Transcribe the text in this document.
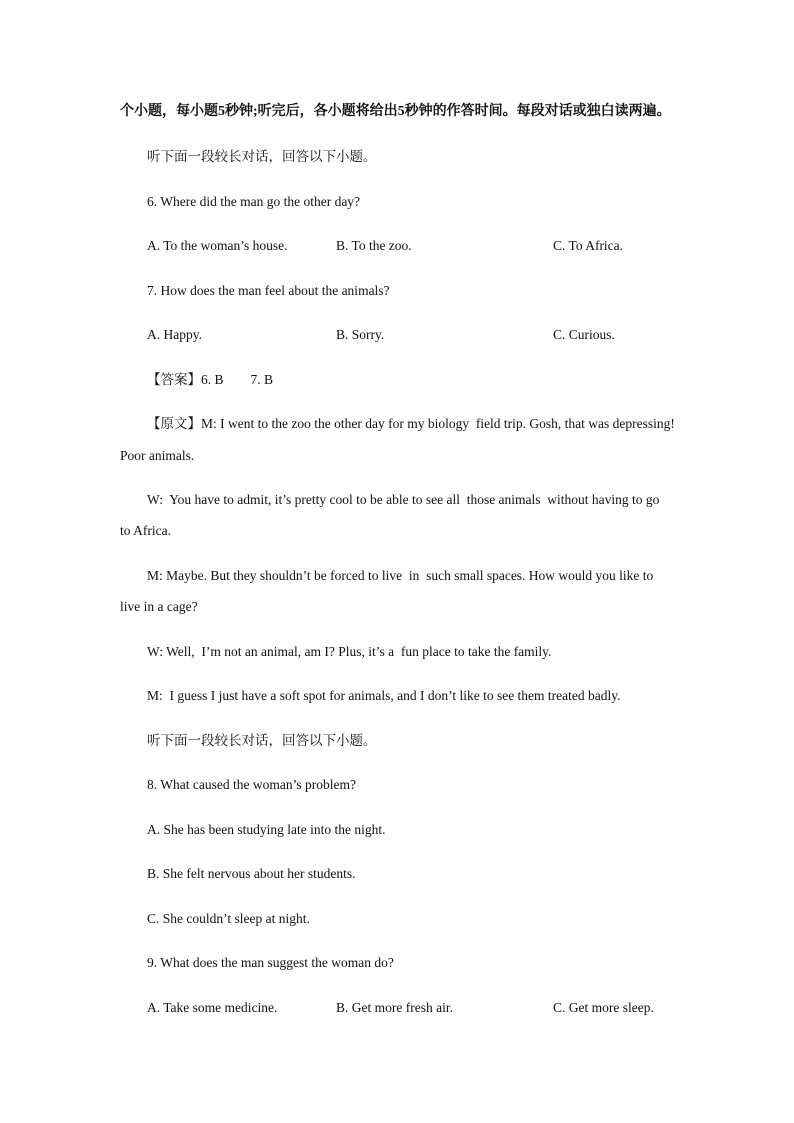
个小题，每小题5秒钟;听完后，各小题将给出5秒钟的作答时间。每段对话或独白读两遍。
听下面一段较长对话，回答以下小题。
6. Where did the man go the other day?
A. To the woman’s house.	B. To the zoo.	C. To Africa.
7. How does the man feel about the animals?
A. Happy.	B. Sorry.	C. Curious.
【答案】6. B        7. B
【原文】M: I went to the zoo the other day for my biology  field trip. Gosh, that was depressing!
Poor animals.
W:  You have to admit, it’s pretty cool to be able to see all  those animals  without having to go
to Africa.
M: Maybe. But they shouldn’t be forced to live  in  such small spaces. How would you like to
live in a cage?
W: Well,  I’m not an animal, am I? Plus, it’s a  fun place to take the family.
M:  I guess I just have a soft spot for animals, and I don’t like to see them treated badly.
听下面一段较长对话，回答以下小题。
8. What caused the woman’s problem?
A. She has been studying late into the night.
B. She felt nervous about her students.
C. She couldn’t sleep at night.
9. What does the man suggest the woman do?
A. Take some medicine.	B. Get more fresh air.	C. Get more sleep.
